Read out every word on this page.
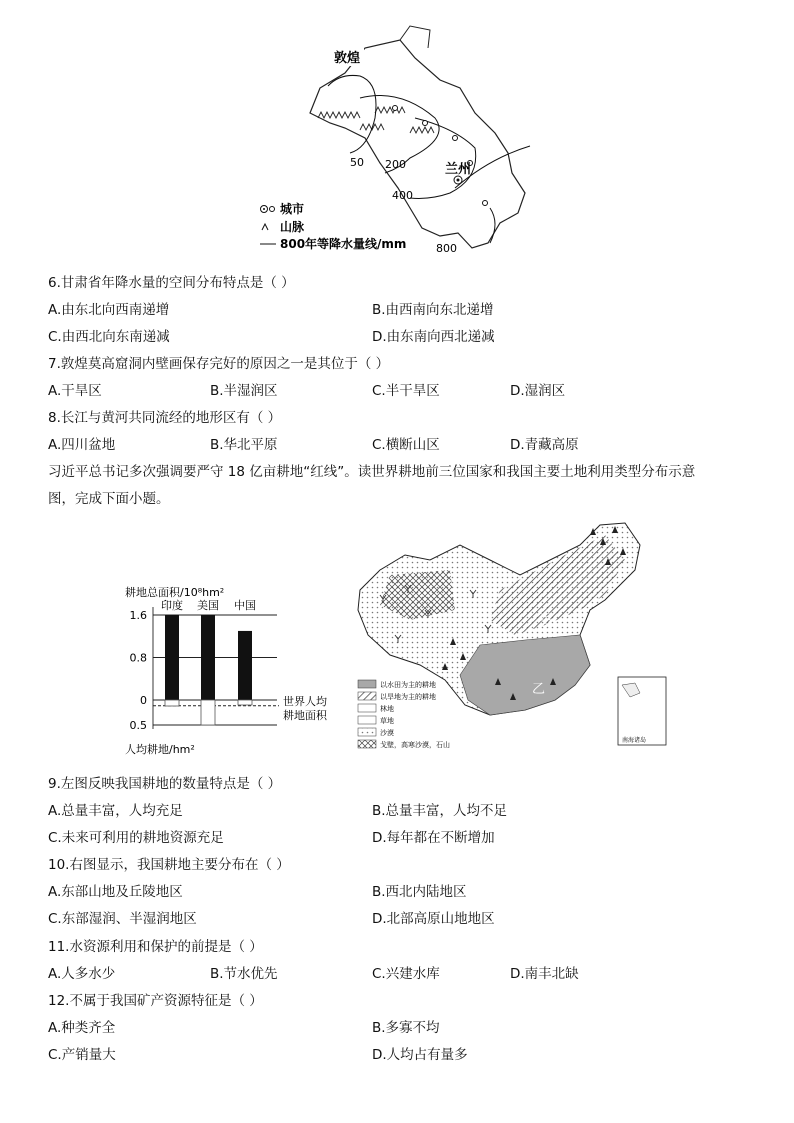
敦煌
兰州
50 200
400
800
城市
山脉
800年等降水量线/mm
6.甘肃省年降水量的空间分布特点是（ ）
A.由东北向西南递增	B.由西南向东北递增
C.由西北向东南递减	D.由东南向西北递减
7.敦煌莫高窟洞内壁画保存完好的原因之一是其位于（ ）
A.干旱区	B.半湿润区	C.半干旱区	D.湿润区
8.长江与黄河共同流经的地形区有（ ）
A.四川盆地	B.华北平原	C.横断山区	D.青藏高原
习近平总书记多次强调要严守 18 亿亩耕地“红线”。读世界耕地前三位国家和我国主要土地利用类型分布示意
图，完成下面小题。
耕地总面积/10⁸hm²
人均耕地/hm²
1.6
0.8
0
0.5
世界人均
耕地面积
印度 美国 中国
甲
乙
以水田为主的耕地
以旱地为主的耕地
林地
草地
沙漠
戈壁，高寒沙漠，石山
南海诸岛
9.左图反映我国耕地的数量特点是（ ）
A.总量丰富，人均充足	B.总量丰富，人均不足
C.未来可利用的耕地资源充足	D.每年都在不断增加
10.右图显示，我国耕地主要分布在（ ）
A.东部山地及丘陵地区	B.西北内陆地区
C.东部湿润、半湿润地区	D.北部高原山地地区
11.水资源利用和保护的前提是（ ）
A.人多水少	B.节水优先	C.兴建水库	D.南丰北缺
12.不属于我国矿产资源特征是（ ）
A.种类齐全	B.多寡不均
C.产销量大	D.人均占有量多
